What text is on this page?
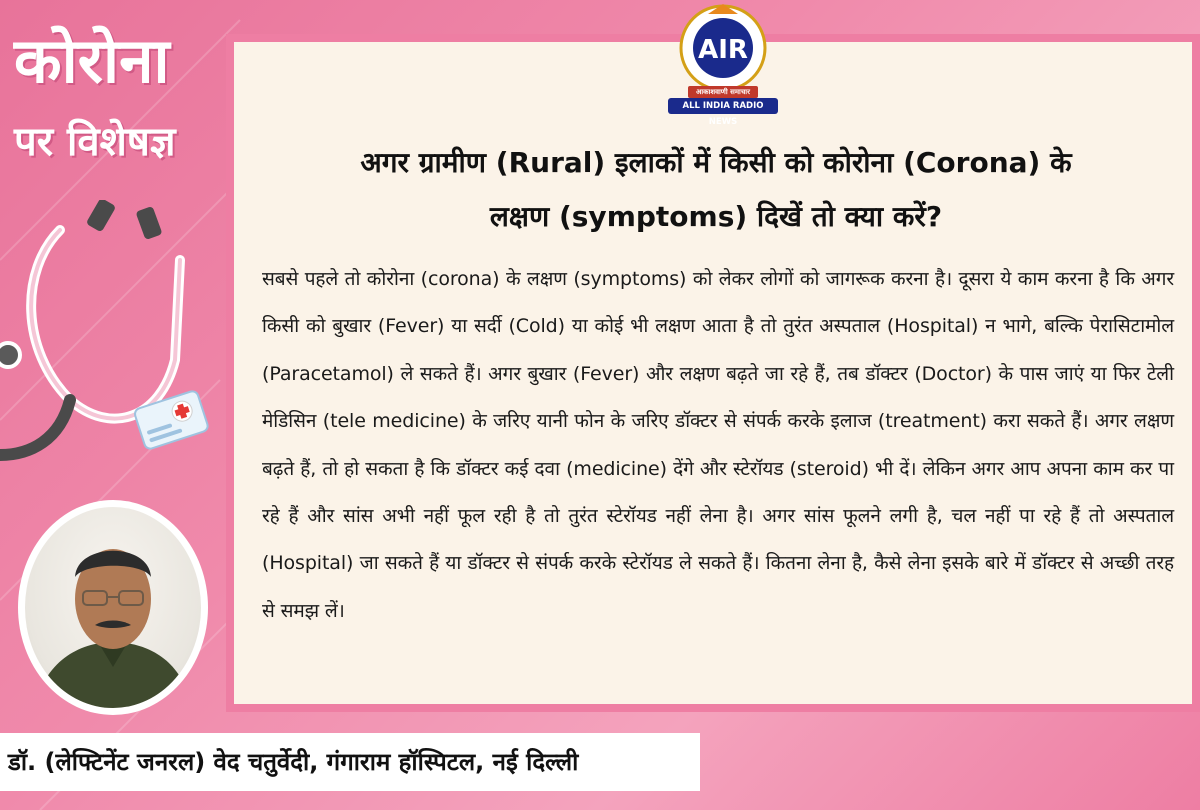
कोरोना
पर विशेषज्ञ
AIR
आकाशवाणी समाचार
ALL INDIA RADIO NEWS
अगर ग्रामीण (Rural) इलाकों में किसी को कोरोना (Corona) के
लक्षण (symptoms) दिखें तो क्या करें?
सबसे पहले तो कोरोना (corona) के लक्षण (symptoms) को लेकर लोगों को जागरूक करना है। दूसरा ये काम करना है कि अगर किसी को बुखार (Fever) या सर्दी (Cold) या कोई भी लक्षण आता है तो तुरंत अस्पताल (Hospital) न भागे, बल्कि पेरासिटामोल (Paracetamol) ले सकते हैं। अगर बुखार (Fever) और लक्षण बढ़ते जा रहे हैं, तब डॉक्टर (Doctor) के पास जाएं या फिर टेली मेडिसिन (tele medicine) के जरिए यानी फोन के जरिए डॉक्टर से संपर्क करके इलाज (treatment) करा सकते हैं। अगर लक्षण बढ़ते हैं, तो हो सकता है कि डॉक्टर कई दवा (medicine) देंगे और स्टेरॉयड (steroid) भी दें। लेकिन अगर आप अपना काम कर पा रहे हैं और सांस अभी नहीं फूल रही है तो तुरंत स्टेरॉयड नहीं लेना है। अगर सांस फूलने लगी है, चल नहीं पा रहे हैं तो अस्पताल (Hospital) जा सकते हैं या डॉक्टर से संपर्क करके स्टेरॉयड ले सकते हैं। कितना लेना है, कैसे लेना इसके बारे में डॉक्टर से अच्छी तरह से समझ लें।
डॉ. (लेफ्टिनेंट जनरल) वेद चतुर्वेदी, गंगाराम हॉस्पिटल, नई दिल्ली
